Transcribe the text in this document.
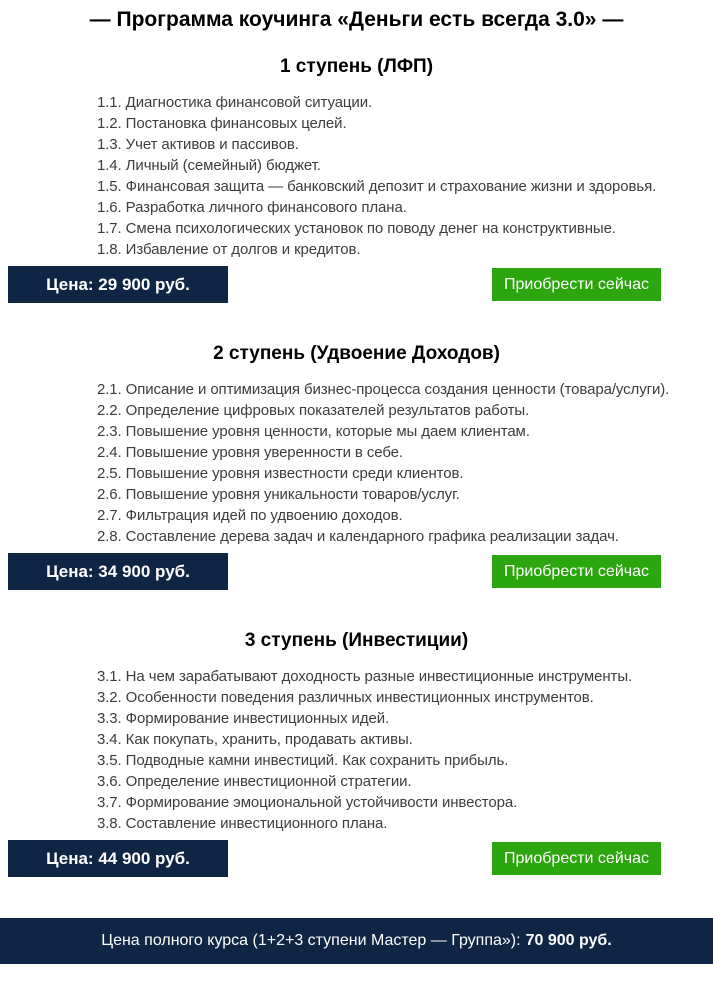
— Программа коучинга «Деньги есть всегда 3.0» —
1 ступень (ЛФП)

1.1. Диагностика финансовой ситуации.

1.2. Постановка финансовых целей.

1.3. Учет активов и пассивов.

1.4. Личный (семейный) бюджет.

1.5. Финансовая защита — банковский депозит и страхование жизни и здоровья.

1.6. Разработка личного финансового плана.

1.7. Смена психологических установок по поводу денег на конструктивные.

1.8. Избавление от долгов и кредитов.

Цена: 29 900 руб.	Приобрести сейчас
2 ступень (Удвоение Доходов)

2.1. Описание и оптимизация бизнес-процесса создания ценности (товара/услуги).

2.2. Определение цифровых показателей результатов работы.

2.3. Повышение уровня ценности, которые мы даем клиентам.

2.4. Повышение уровня уверенности в себе.

2.5. Повышение уровня известности среди клиентов.

2.6. Повышение уровня уникальности товаров/услуг.

2.7. Фильтрация идей по удвоению доходов.

2.8. Составление дерева задач и календарного графика реализации задач.

Цена: 34 900 руб.	Приобрести сейчас
3 ступень (Инвестиции)

3.1. На чем зарабатывают доходность разные инвестиционные инструменты.

3.2. Особенности поведения различных инвестиционных инструментов.

3.3. Формирование инвестиционных идей.

3.4. Как покупать, хранить, продавать активы.

3.5. Подводные камни инвестиций. Как сохранить прибыль.

3.6. Определение инвестиционной стратегии.

3.7. Формирование эмоциональной устойчивости инвестора.

3.8. Составление инвестиционного плана.

Цена: 44 900 руб.	Приобрести сейчас
Цена полного курса (1+2+3 ступени Мастер — Группа»): 70 900 руб.
